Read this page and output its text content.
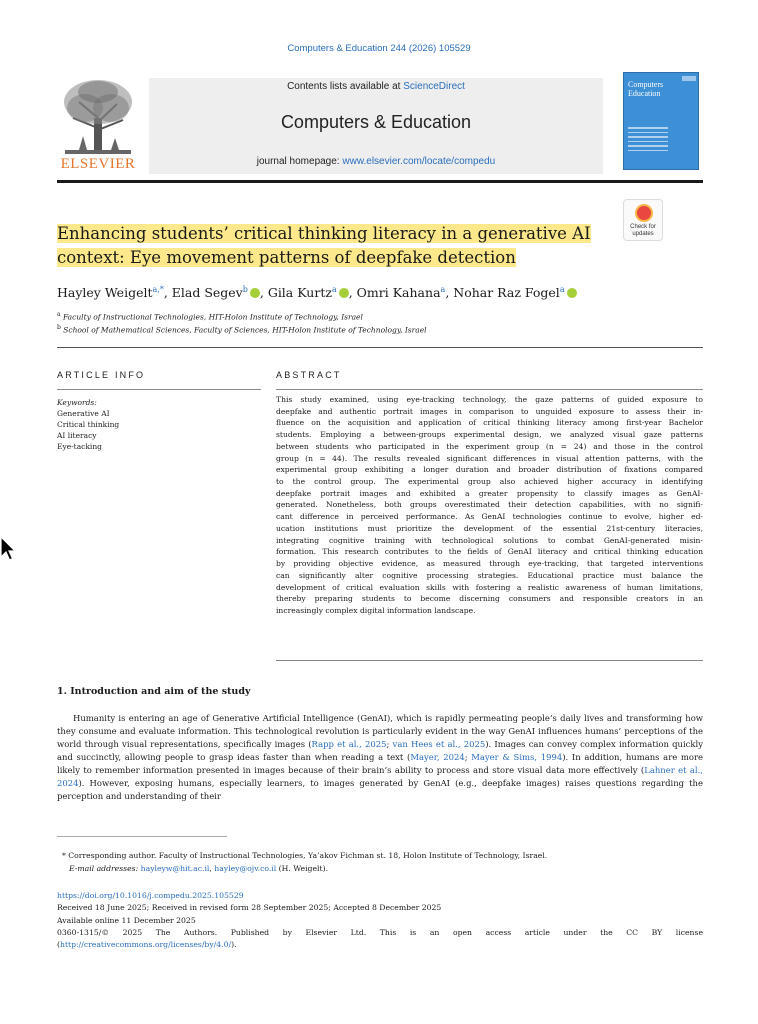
Computers & Education 244 (2026) 105529
ELSEVIER
Contents lists available at ScienceDirect
Computers & Education
journal homepage: www.elsevier.com/locate/compedu
Computers
Education
Check for
updates
Enhancing students’ critical thinking literacy in a generative AI
context: Eye movement patterns of deepfake detection
Hayley Weigelt$^{a,*}$, Elad Segev$^b$ , Gila Kurtz$^a$ , Omri Kahana$^a$, Nohar Raz Fogel$^a$
$^a$ Faculty of Instructional Technologies, HIT-Holon Institute of Technology, Israel
$^b$ School of Mathematical Sciences, Faculty of Sciences, HIT-Holon Institute of Technology, Israel
ARTICLE INFO	ABSTRACT
Keywords:
Generative AI
Critical thinking
AI literacy
Eye-tacking
This study examined, using eye-tracking technology, the gaze patterns of guided exposure to
deepfake and authentic portrait images in comparison to unguided exposure to assess their in-
fluence on the acquisition and application of critical thinking literacy among first-year Bachelor
students. Employing a between-groups experimental design, we analyzed visual gaze patterns
between students who participated in the experiment group (n = 24) and those in the control
group (n = 44). The results revealed significant differences in visual attention patterns, with the
experimental group exhibiting a longer duration and broader distribution of fixations compared
to the control group. The experimental group also achieved higher accuracy in identifying
deepfake portrait images and exhibited a greater propensity to classify images as GenAI-
generated. Nonetheless, both groups overestimated their detection capabilities, with no signifi-
cant difference in perceived performance. As GenAI technologies continue to evolve, higher ed-
ucation institutions must prioritize the development of the essential 21st-century literacies,
integrating cognitive training with technological solutions to combat GenAI-generated misin-
formation. This research contributes to the fields of GenAI literacy and critical thinking education
by providing objective evidence, as measured through eye-tracking, that targeted interventions
can significantly alter cognitive processing strategies. Educational practice must balance the
development of critical evaluation skills with fostering a realistic awareness of human limitations,
thereby preparing students to become discerning consumers and responsible creators in an
increasingly complex digital information landscape.
1. Introduction and aim of the study
Humanity is entering an age of Generative Artificial Intelligence (GenAI), which is rapidly permeating people’s daily lives and transforming how they consume and evaluate information. This technological revolution is particularly evident in the way GenAI influences humans’ perceptions of the world through visual representations, specifically images (Rapp et al., 2025; van Hees et al., 2025). Images can convey complex information quickly and succinctly, allowing people to grasp ideas faster than when reading a text (Mayer, 2024; Mayer & Sims, 1994). In addition, humans are more likely to remember information presented in images because of their brain’s ability to process and store visual data more effectively (Lahner et al., 2024). However, exposing humans, especially learners, to images generated by GenAI (e.g., deepfake images) raises questions regarding the perception and understanding of their
* Corresponding author. Faculty of Instructional Technologies, Ya’akov Fichman st. 18, Holon Institute of Technology, Israel.
E-mail addresses: hayleyw@hit.ac.il, hayley@ojv.co.il (H. Weigelt).
https://doi.org/10.1016/j.compedu.2025.105529
Received 18 June 2025; Received in revised form 28 September 2025; Accepted 8 December 2025
Available online 11 December 2025
0360-1315/© 2025 The Authors. Published by Elsevier Ltd. This is an open access article under the CC BY license
(http://creativecommons.org/licenses/by/4.0/).
